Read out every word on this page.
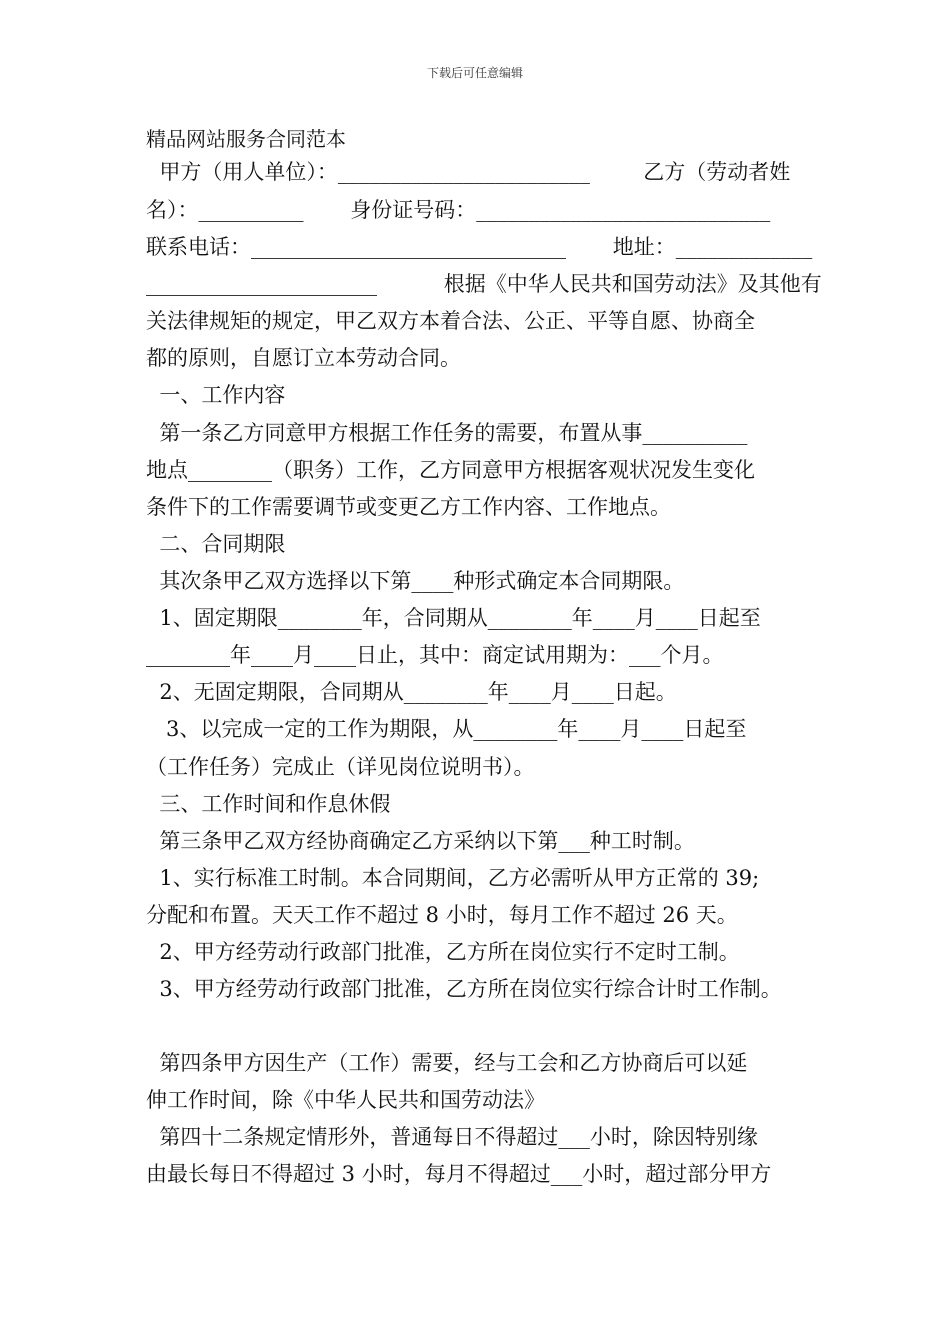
下载后可任意编辑
精品网站服务合同范本
甲方（用人单位）：________________________        乙方（劳动者姓
名）：__________       身份证号码：____________________________
联系电话：______________________________       地址：_____________
______________________          根据《中华人民共和国劳动法》及其他有
关法律规矩的规定，甲乙双方本着合法、公正、平等自愿、协商全
都的原则，自愿订立本劳动合同。
一、工作内容
第一条乙方同意甲方根据工作任务的需要，布置从事__________
地点________（职务）工作，乙方同意甲方根据客观状况发生变化
条件下的工作需要调节或变更乙方工作内容、工作地点。
二、合同期限
其次条甲乙双方选择以下第____种形式确定本合同期限。
1、固定期限________年，合同期从________年____月____日起至
________年____月____日止，其中：商定试用期为：___个月。
2、无固定期限，合同期从________年____月____日起。
3、以完成一定的工作为期限，从________年____月____日起至
（工作任务）完成止（详见岗位说明书）。
三、工作时间和作息休假
第三条甲乙双方经协商确定乙方采纳以下第___种工时制。
1、实行标准工时制。本合同期间，乙方必需听从甲方正常的 39;
分配和布置。天天工作不超过 8 小时，每月工作不超过 26 天。
2、甲方经劳动行政部门批准，乙方所在岗位实行不定时工制。
3、甲方经劳动行政部门批准，乙方所在岗位实行综合计时工作制。
第四条甲方因生产（工作）需要，经与工会和乙方协商后可以延
伸工作时间，除《中华人民共和国劳动法》
第四十二条规定情形外，普通每日不得超过___小时，除因特别缘
由最长每日不得超过 3 小时，每月不得超过___小时，超过部分甲方
